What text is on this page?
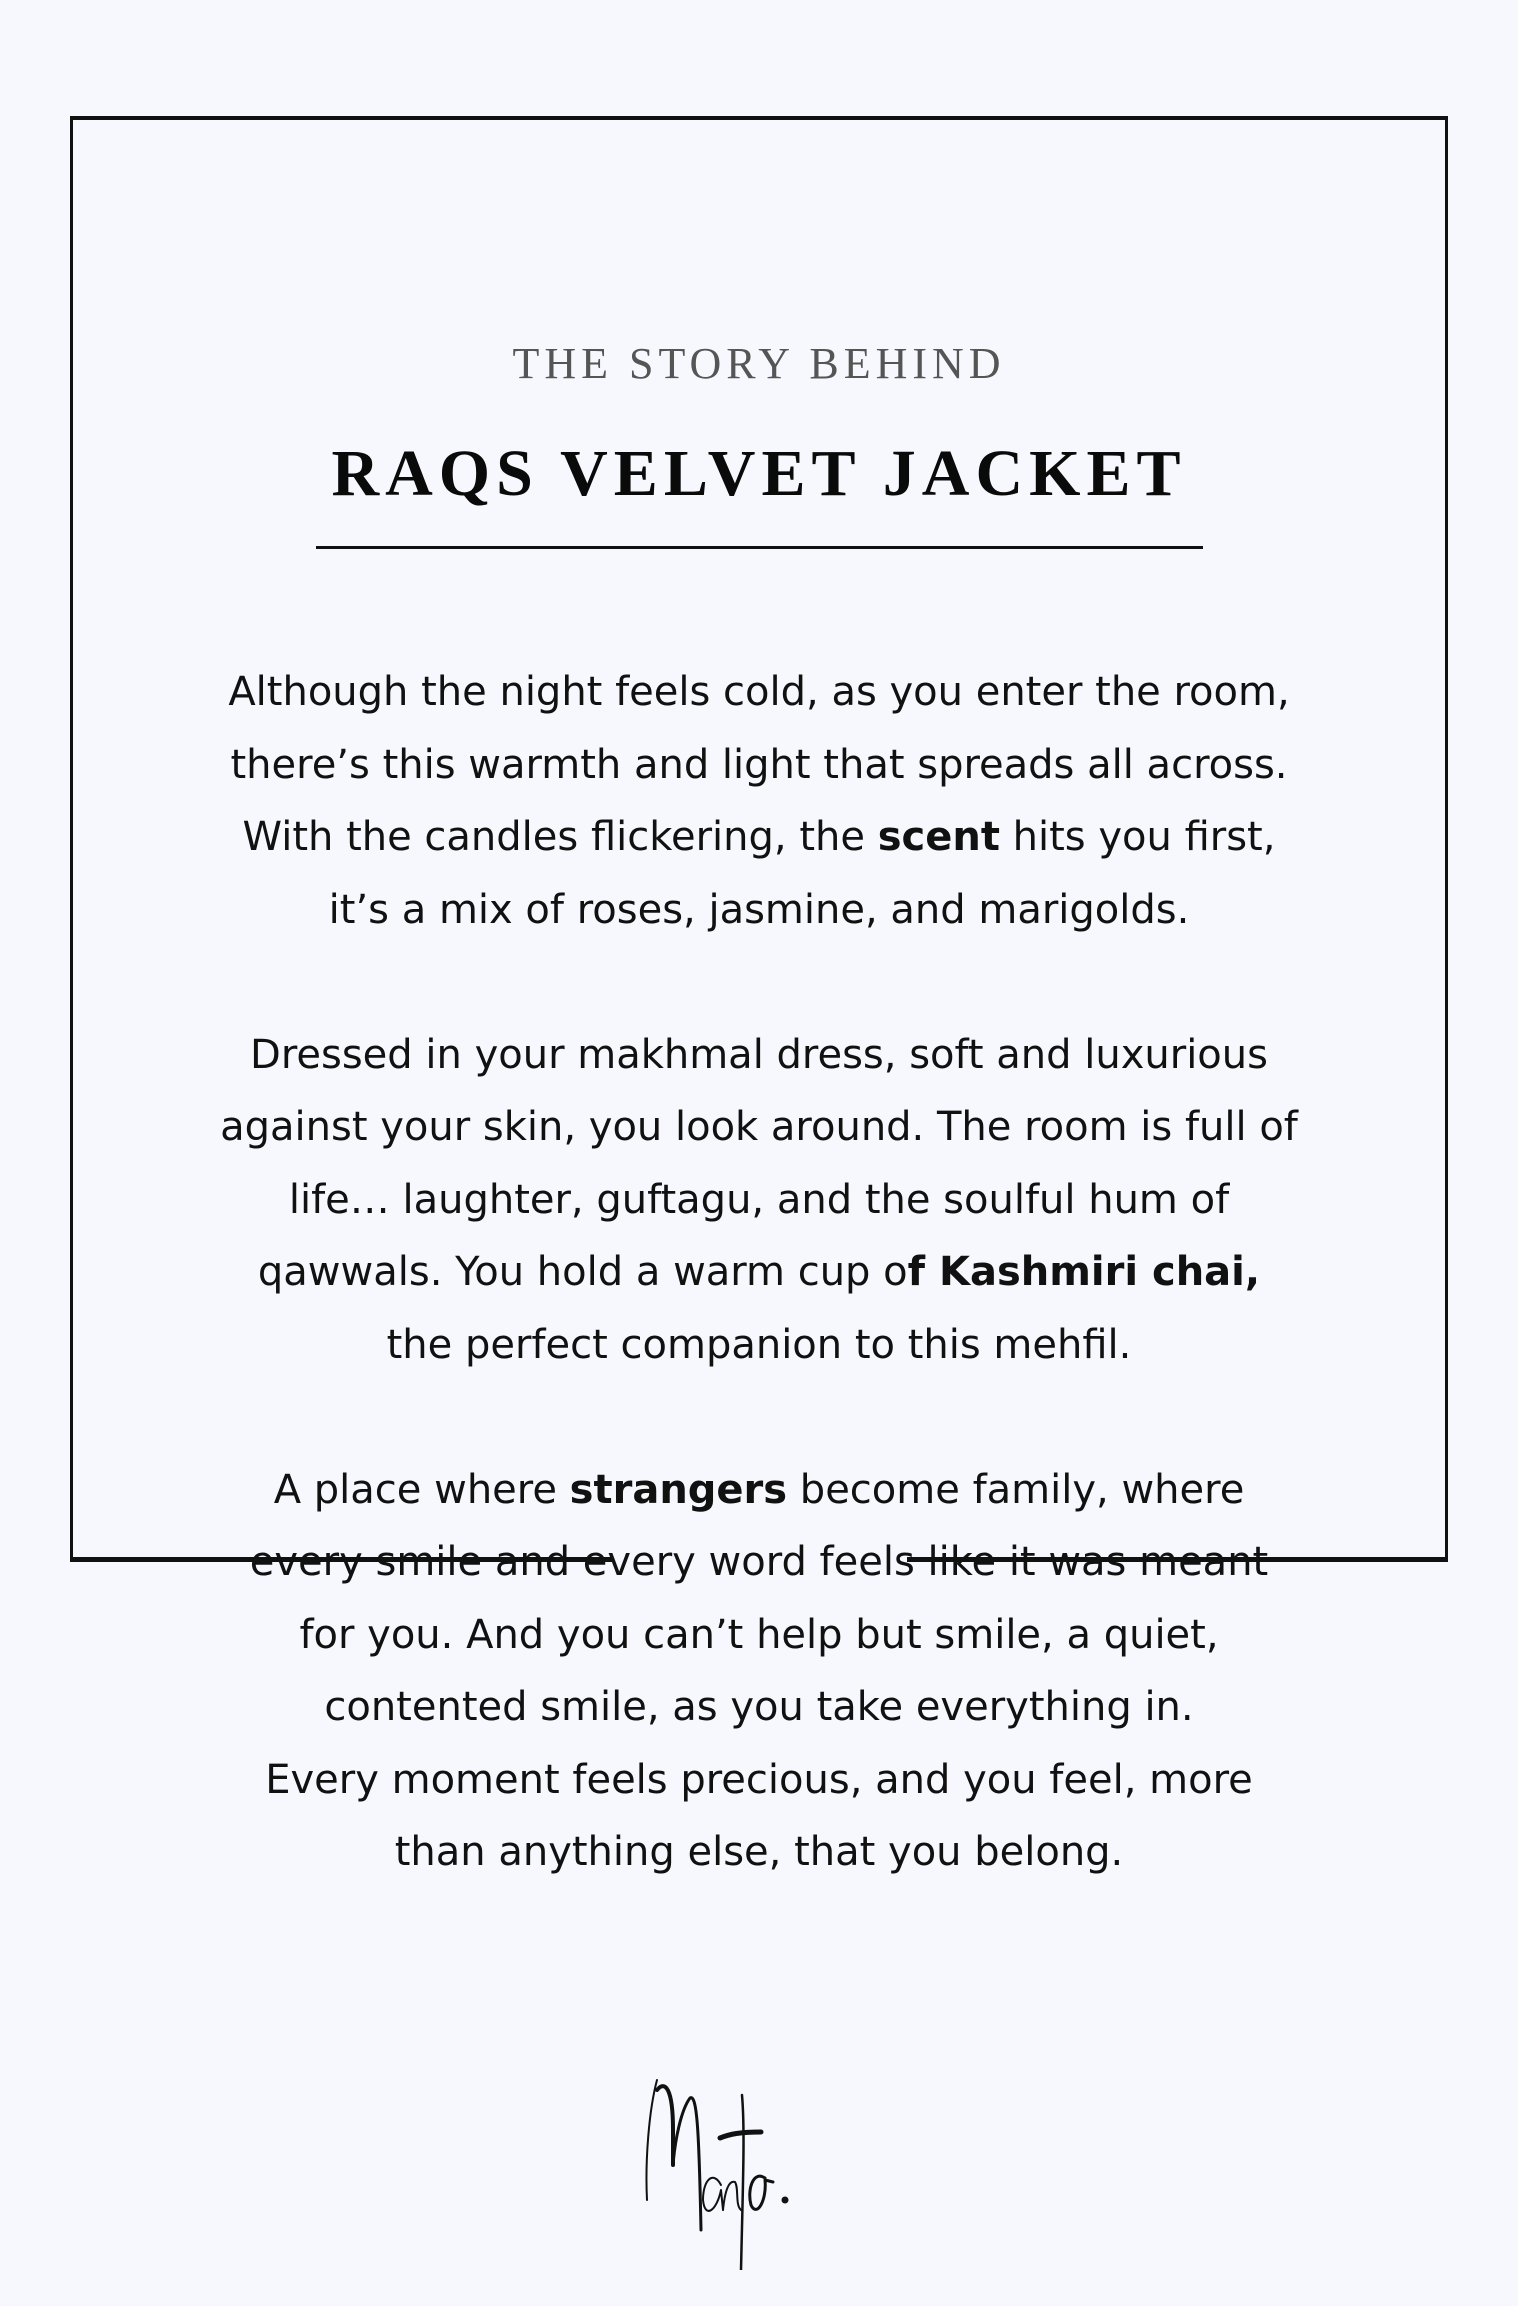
THE STORY BEHIND
RAQS VELVET JACKET

Although the night feels cold, as you enter the room,
there’s this warmth and light that spreads all across.
With the candles flickering, the scent hits you first,
it’s a mix of roses, jasmine, and marigolds.

Dressed in your makhmal dress, soft and luxurious
against your skin, you look around. The room is full of
life… laughter, guftagu, and the soulful hum of
qawwals. You hold a warm cup of Kashmiri chai,
the perfect companion to this mehfil.

A place where strangers become family, where
every smile and every word feels like it was meant
for you. And you can’t help but smile, a quiet,
contented smile, as you take everything in.
Every moment feels precious, and you feel, more
than anything else, that you belong.
